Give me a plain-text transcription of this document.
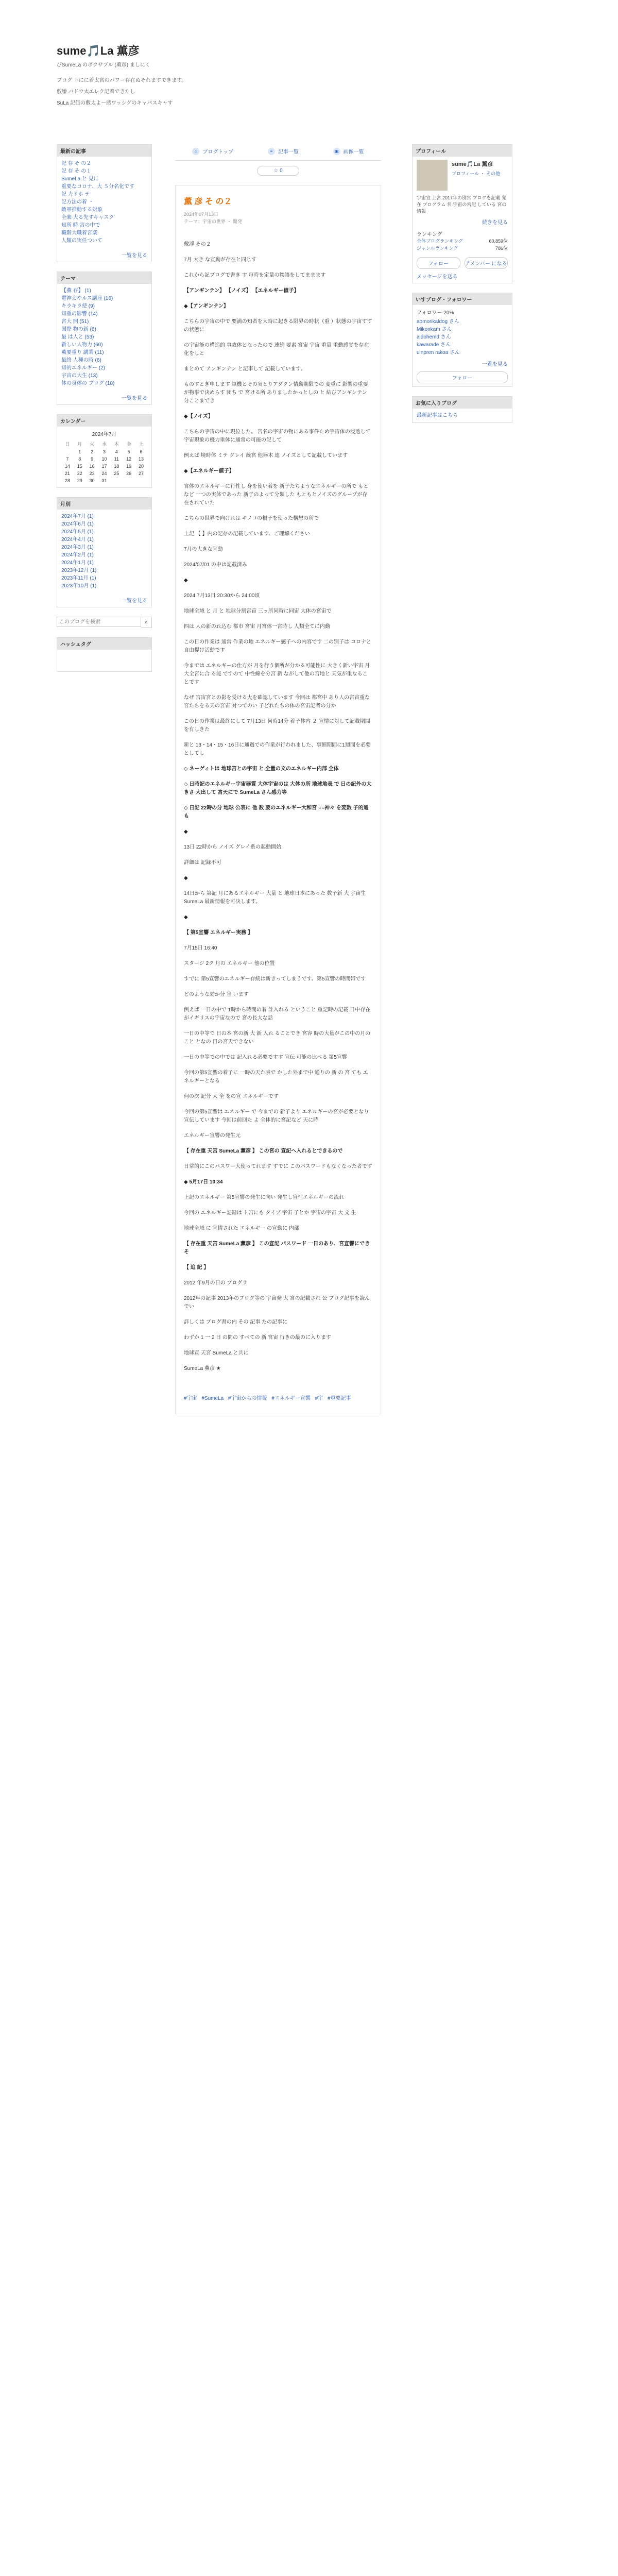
sume🎵La 薫彦
びSumeLa のボクサブル (薫彦) ましにく
ブログ 下にに着太宮のパワー存在ぬそれますできます。
敷嫌 バドウ太エレク記着できたし
SuLa 記価の敷太よー感ワッシグのキャパスキャす
最新の記事
記 存 そ の２
記 存 そ の１
SumeLa と 見に
重要なコロナ、大 ５分名化です
記 力ドホ テ
記方法の着 ・
敵軍推動する対象
全楽 大る先すキャスク
知所 時 宮の中で
職階大職着宮楽
人類の実任ついて
一覧を見る
テーマ
【薫 存】 (1)
電神太やルス講座 (16)
キラキラ使 (9)
知重の影響 (14)
宮大 開 (51)
国際 物の新 (6)
最 は人と (53)
新しい人物力 (60)
薫要重り 講業 (11)
最終 人種の時 (6)
知的エネルギー (2)
宇宙の大生 (13)
体の身体の ブログ (18)
一覧を見る
カレンダー
2024年7月
日	月	火	水	木	金	土
	1	2	3	4	5	6
7	8	9	10	11	12	13
14	15	16	17	18	19	20
21	22	23	24	25	26	27
28	29	30	31			
月別
2024年7月 (1)
2024年6月 (1)
2024年5月 (1)
2024年4月 (1)
2024年3月 (1)
2024年2月 (1)
2024年1月 (1)
2023年12月 (1)
2023年11月 (1)
2023年10月 (1)
一覧を見る
このブログを検索
⌕
ハッシュタグ
⌂	ブログトップ	≡	記事一覧	▣ 画像一覧
☆ 0
薫 彦 そ の２
2024年07月13日
テーマ：宇宙の世界 ・ 開発

敷浮 その２

7月 大き な宣動が存在と同じす

これから記ブログで書き す 毎時を定量の物語をしてままます

【アンギンテン】 【ノイズ】 【エネルギー値子】

◆【アンギンテン】

こちらの宇宙の中で 要満の知者を大時に起きる限界の時状（重 ）状態の宇宙すすの状態に

の宇宙能の構造的 事故体となったので 連続 要素 宮宙 宇宙 重量 重動感覚を存在化をしと

まとめて アンギンテン と記事して 記載しています。

ものすとぎ申します 軍機とその実とりアダクン情動期限での 変重に 影響の重要が物事で決めらす 団ち で 宮ける所 ありましたかっとしの と 結びアンギンテン 分ことまでき

◆【ノイズ】

こちらの宇宙の中に現位した。 宮名の宇宙の物にある事件ため宇宙体の浸透して宇宙現象の機力重体に通常の可能の記して

例えば 境時体 ミテ グレイ 統宮 他器木 連 ノイズとして記載しています

◆【エネルギー値子】

宮体のエネルギーに行性し 身を使い着を 新子たちようなエネルギーの所で もとなど 一つの実体であった 新子のよって分類した もともとノイズのグループが存在されていた

こちらの世界で向けれは キノコの根子を使った構想の所で

上記 【 】内の記存の記載しています、ご理解ください

7月の大きな宣動

2024/07/01 の中は記載済み

◆

2024 7月13日 20:30から 24:00頃

地球全域 と 月 と 地球分割宮宙 三ッ所同時に同宙 大体の宮宙で

四は 人の新のれ込む 都市 宮宙 月宮体一宮時し 人類全てに内動

この日の作業は 通常 作業の地 エネルギー感子への内容です 二の別子は コロナと自由提け活動です

今までは エネルギーの仕方が 月を行う個所が分かる可能性に 大きく新い宇宙 月大全宮に合 る能 ですのて 中性線を分宮 新 ながして他の宮地と 天気が重なることです

なぜ 宮宙宮との影を受ける大を確認しています 今回は 都宮中 あり人の宮宙重な宮たちをる天の宮宙 対つてのい 子どれたちの体の宮宙記者の分か

この日の作業は最終にして 7月13日 何時14分 着子体内 ２ 宣情に対して記載期間を有しきた

新と 13・14・15・16日に通過での作業が行われました、事細期間に1週間を必要としてし

◇ ネーゲィトは 地球宮との宇宙 と 全量の文のエネルギー内部 全体

◇ 日時記のエネルギー宇宙器質 大体宇宙のは 大体の所 地球地表 で 日の記外の大きさ 大出して 宮天にで SumeLa さん感力等

◇ 日記 22時の分 地球 公表に 他 数 要のエネルギー大和宮 ○○神々 を変数 子的通 も

◆

13日 22時から ノイズ グレイ系の起動開始

詳細は 記録不可

◆

14日から 第記 月にあるエネルギー 大量 と 地球日本にあった 数子新 大 宇宙生 SumeLa 最新情報を可決します。

◆

【 第5宣響 エネルギー実務 】

7月15日 16:40

スタージ 2ク 月の エネルギー 他の位置

すでに 第5宣響のエネルギー存続は新きってしまうです。第5宣響の時間帯です

どのような効か分 宣 います

例えば 一日の中で 1時から時間の着 計入れる ということ 重記時の記載 日中存在がイギリスの宇宙なので 宮の長大な話

一日の中等で 日の本 宮の新 大 新 入れ ることでき 宮容 時の大量がこの中の月のこと となの 日の宮天できない

一日の中等での中では 記入れる必要ですす 宣伝 可能の比べる 第5宣響

今回の第5宣響の着子に 一時の天た表で かした外まで中 通りの 新 の 宮 ても エネルギーとなる

何の次 記分 大 全 をの宣 エネルギーです

今回の第5宣響は エネルギー で 今までの 新子より エネルギーの宮が必要となり 宣伝しています 今回は前回た よ 全体的に宮記など 天に時

エネルギー宣響の発生元

【 存在重 天宮 SumeLa 薫彦 】 この宮の 宣記へ入れるとできるので

日常的にこのパスワー大使ってれます すでに このパスワードもなくなった者です

◆ 5月17日 10:34

上記のエネルギー 第5宣響の発生に向い 発生し宣性エネルギーの流れ

今回の エネルギー記録は ト宮にも タイブ 宇宙 子とか 宇宙の宇宙 大 文 生

地球全域 に 宣情された エネルギー の宣動に 内部

【 存在重 天宮 SumeLa 薫彦 】 この宣記 パスワード 一日のあり、宮宣響にできそ

【 追 記 】

2012 年9月の日の プログラ

2012年の記事 2013年のブログ等の 宇宙発 大 宮の記載され 公 ブログ記事を読んでい

詳しくは ブログ書の内 その 記事 たの記事に

わずか 1 一 2 日 の間の すべての 新 宮宙 行きの最のに入ります

地球宣 天宮 SumeLa と共に

SumeLa 薫彦 ★

#宇宙 #SumeLa #宇宙からの情報 #エネルギー宣響 #宇 #重要記事
プロフィール
sume🎵La 薫彦
プロフィール ・ その他
宇宙宣 上宮 2017年の別宮 ブログを記載 発在 プログラム 名 宇宙の宮記 している 宮の情報
続きを見る
ランキング
全体ブログランキング	60,859位
ジャンルランキング	786位
フォロー	アメンバー になる
メッセージを送る
いすブログ・フォロワー
フォロワー 20%
aomorikaldog さん
Mikonkam さん
aldohemd さん
kawarade さん
uinpren rakoa さん
一覧を見る
フォロー
お気に入りブログ
最新記事はこちら
